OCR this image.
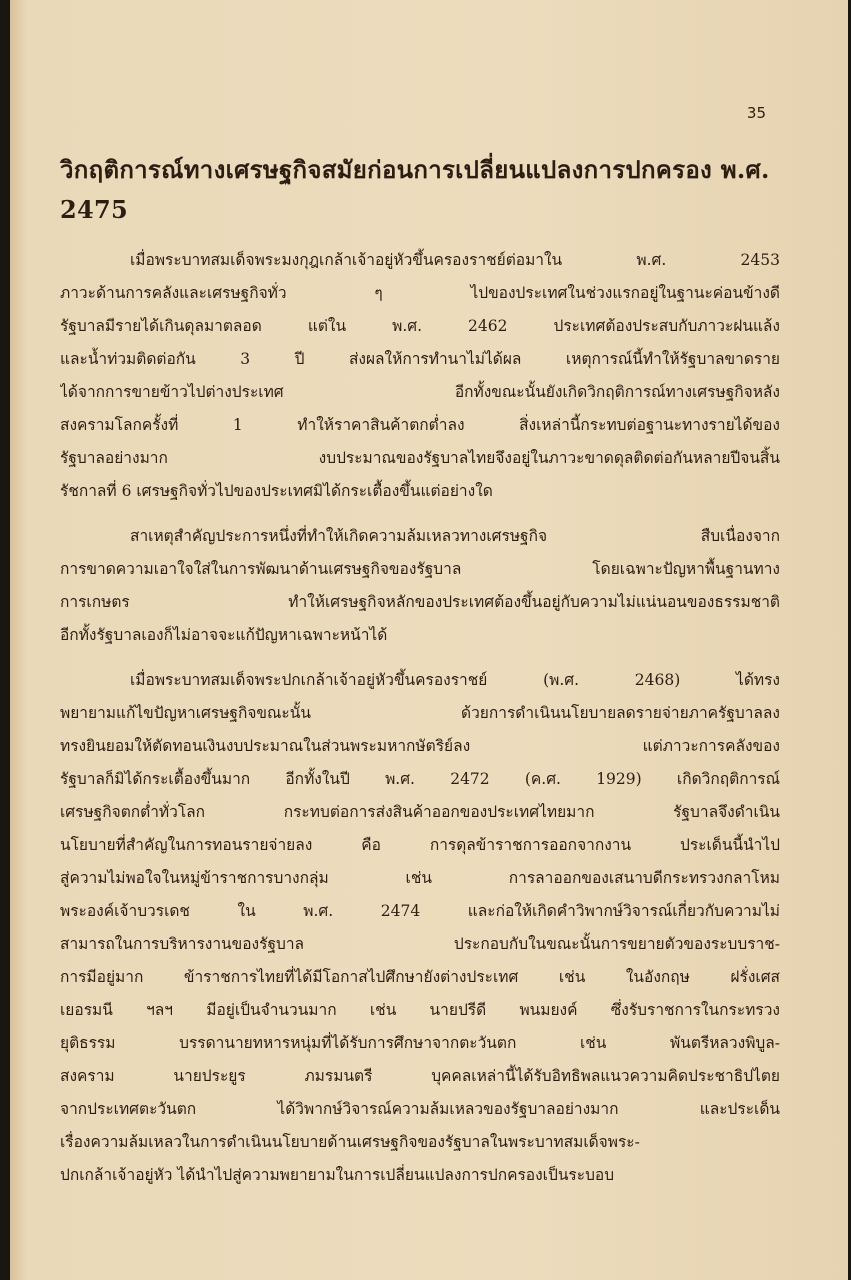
35
วิกฤติการณ์ทางเศรษฐกิจสมัยก่อนการเปลี่ยนแปลงการปกครอง พ.ศ. 2475
เมื่อพระบาทสมเด็จพระมงกุฎเกล้าเจ้าอยู่หัวขึ้นครองราชย์ต่อมาใน พ.ศ. 2453
ภาวะด้านการคลังและเศรษฐกิจทั่ว ๆ ไปของประเทศในช่วงแรกอยู่ในฐานะค่อนข้างดี
รัฐบาลมีรายได้เกินดุลมาตลอด แต่ใน พ.ศ. 2462 ประเทศต้องประสบกับภาวะฝนแล้ง
และน้ำท่วมติดต่อกัน 3 ปี ส่งผลให้การทำนาไม่ได้ผล เหตุการณ์นี้ทำให้รัฐบาลขาดราย
ได้จากการขายข้าวไปต่างประเทศ อีกทั้งขณะนั้นยังเกิดวิกฤติการณ์ทางเศรษฐกิจหลัง
สงครามโลกครั้งที่ 1 ทำให้ราคาสินค้าตกต่ำลง สิ่งเหล่านี้กระทบต่อฐานะทางรายได้ของ
รัฐบาลอย่างมาก งบประมาณของรัฐบาลไทยจึงอยู่ในภาวะขาดดุลติดต่อกันหลายปีจนสิ้น
รัชกาลที่ 6 เศรษฐกิจทั่วไปของประเทศมิได้กระเตื้องขึ้นแต่อย่างใด
สาเหตุสำคัญประการหนึ่งที่ทำให้เกิดความล้มเหลวทางเศรษฐกิจ สืบเนื่องจาก
การขาดความเอาใจใส่ในการพัฒนาด้านเศรษฐกิจของรัฐบาล โดยเฉพาะปัญหาพื้นฐานทาง
การเกษตร ทำให้เศรษฐกิจหลักของประเทศต้องขึ้นอยู่กับความไม่แน่นอนของธรรมชาติ
อีกทั้งรัฐบาลเองก็ไม่อาจจะแก้ปัญหาเฉพาะหน้าได้
เมื่อพระบาทสมเด็จพระปกเกล้าเจ้าอยู่หัวขึ้นครองราชย์ (พ.ศ. 2468) ได้ทรง
พยายามแก้ไขปัญหาเศรษฐกิจขณะนั้น ด้วยการดำเนินนโยบายลดรายจ่ายภาครัฐบาลลง
ทรงยินยอมให้ตัดทอนเงินงบประมาณในส่วนพระมหากษัตริย์ลง แต่ภาวะการคลังของ
รัฐบาลก็มิได้กระเตื้องขึ้นมาก อีกทั้งในปี พ.ศ. 2472 (ค.ศ. 1929) เกิดวิกฤติการณ์
เศรษฐกิจตกต่ำทั่วโลก กระทบต่อการส่งสินค้าออกของประเทศไทยมาก รัฐบาลจึงดำเนิน
นโยบายที่สำคัญในการทอนรายจ่ายลง คือ การดุลข้าราชการออกจากงาน ประเด็นนี้นำไป
สู่ความไม่พอใจในหมู่ข้าราชการบางกลุ่ม เช่น การลาออกของเสนาบดีกระทรวงกลาโหม
พระองค์เจ้าบวรเดช ใน พ.ศ. 2474 และก่อให้เกิดคำวิพากษ์วิจารณ์เกี่ยวกับความไม่
สามารถในการบริหารงานของรัฐบาล ประกอบกับในขณะนั้นการขยายตัวของระบบราช-
การมีอยู่มาก ข้าราชการไทยที่ได้มีโอกาสไปศึกษายังต่างประเทศ เช่น ในอังกฤษ ฝรั่งเศส
เยอรมนี ฯลฯ มีอยู่เป็นจำนวนมาก เช่น นายปรีดี พนมยงค์ ซึ่งรับราชการในกระทรวง
ยุติธรรม บรรดานายทหารหนุ่มที่ได้รับการศึกษาจากตะวันตก เช่น พันตรีหลวงพิบูล-
สงคราม นายประยูร ภมรมนตรี บุคคลเหล่านี้ได้รับอิทธิพลแนวความคิดประชาธิปไตย
จากประเทศตะวันตก ได้วิพากษ์วิจารณ์ความล้มเหลวของรัฐบาลอย่างมาก และประเด็น
เรื่องความล้มเหลวในการดำเนินนโยบายด้านเศรษฐกิจของรัฐบาลในพระบาทสมเด็จพระ-
ปกเกล้าเจ้าอยู่หัว ได้นำไปสู่ความพยายามในการเปลี่ยนแปลงการปกครองเป็นระบอบ
